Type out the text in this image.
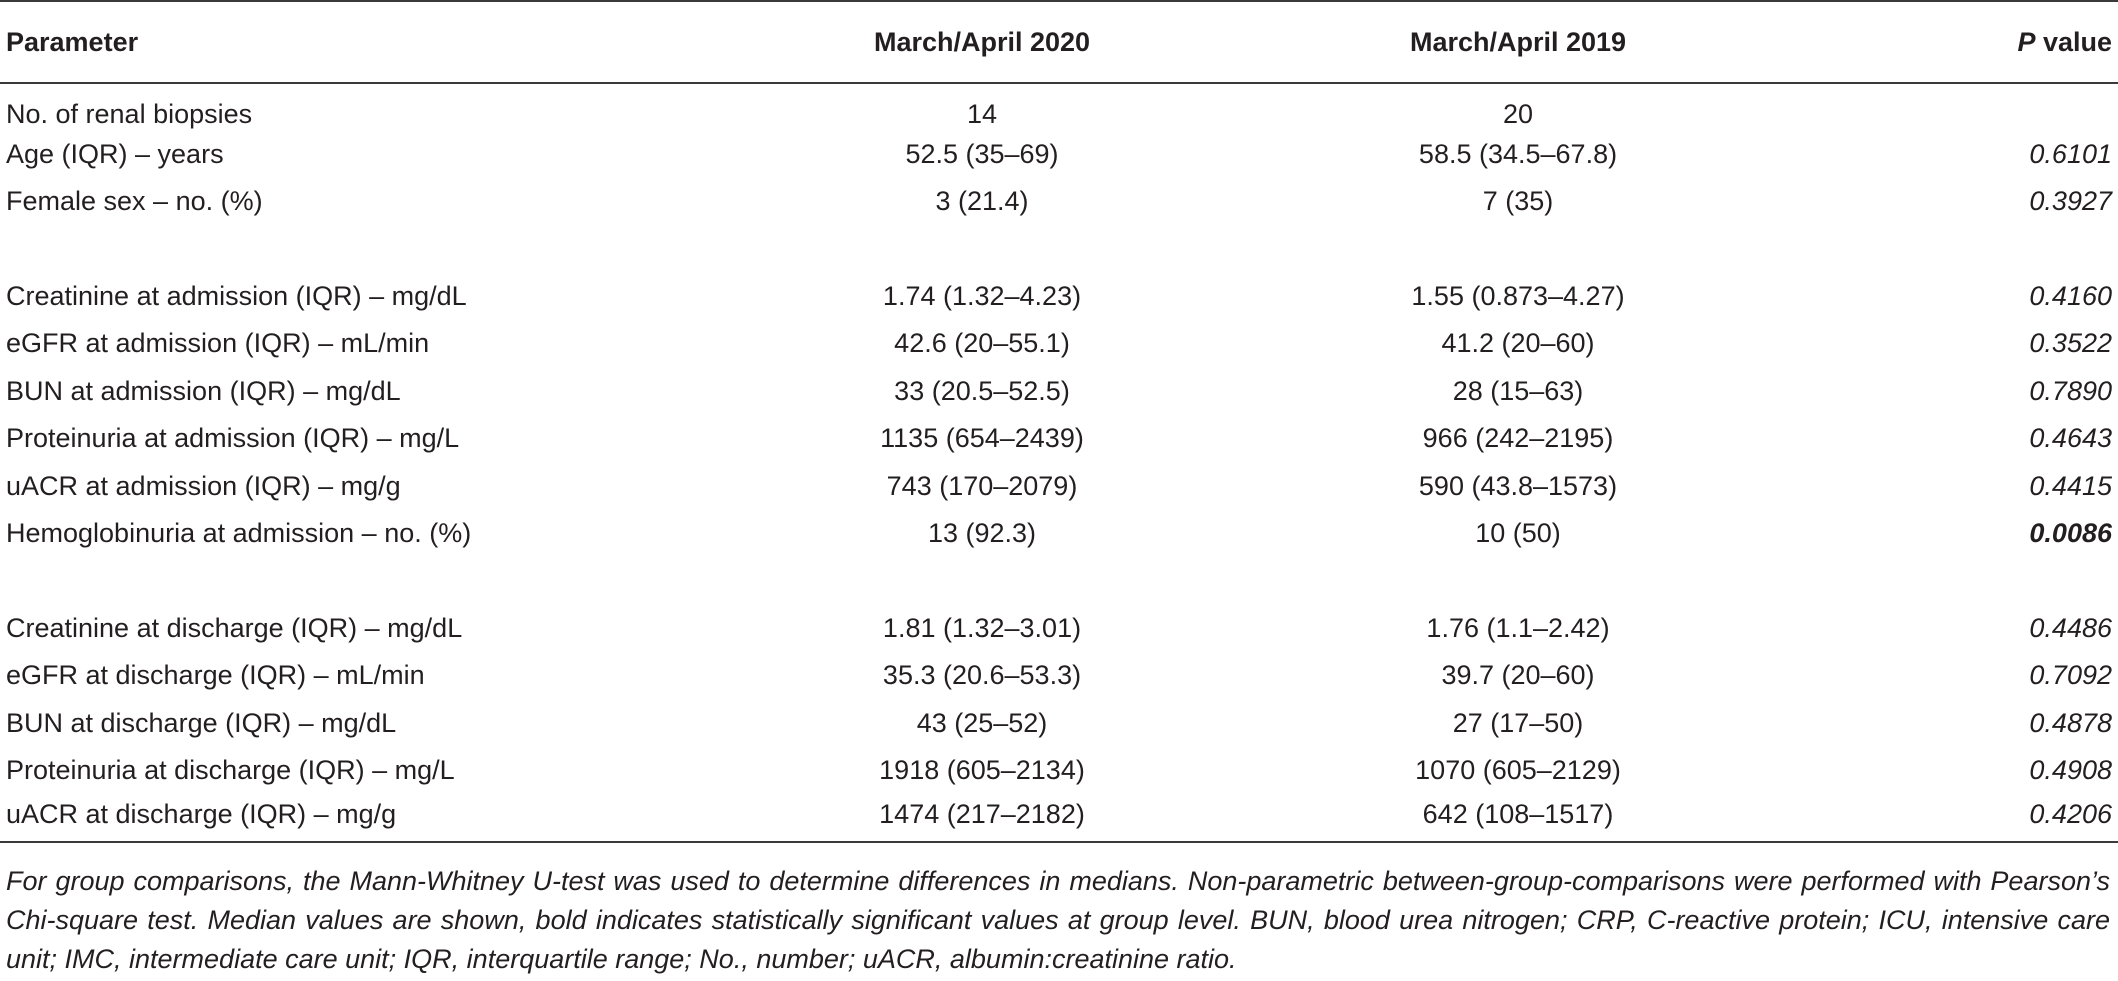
Parameter	March/April 2020	March/April 2019	P value
No. of renal biopsies	14	20	
Age (IQR) – years	52.5 (35–69)	58.5 (34.5–67.8)	0.6101
Female sex – no. (%)	3 (21.4)	7 (35)	0.3927

Creatinine at admission (IQR) – mg/dL	1.74 (1.32–4.23)	1.55 (0.873–4.27)	0.4160
eGFR at admission (IQR) – mL/min	42.6 (20–55.1)	41.2 (20–60)	0.3522
BUN at admission (IQR) – mg/dL	33 (20.5–52.5)	28 (15–63)	0.7890
Proteinuria at admission (IQR) – mg/L	1135 (654–2439)	966 (242–2195)	0.4643
uACR at admission (IQR) – mg/g	743 (170–2079)	590 (43.8–1573)	0.4415
Hemoglobinuria at admission – no. (%)	13 (92.3)	10 (50)	0.0086

Creatinine at discharge (IQR) – mg/dL	1.81 (1.32–3.01)	1.76 (1.1–2.42)	0.4486
eGFR at discharge (IQR) – mL/min	35.3 (20.6–53.3)	39.7 (20–60)	0.7092
BUN at discharge (IQR) – mg/dL	43 (25–52)	27 (17–50)	0.4878
Proteinuria at discharge (IQR) – mg/L	1918 (605–2134)	1070 (605–2129)	0.4908
uACR at discharge (IQR) – mg/g	1474 (217–2182)	642 (108–1517)	0.4206
For group comparisons, the Mann-Whitney U-test was used to determine differences in medians. Non-parametric between-group-comparisons were performed with Pearson’s Chi-square test. Median values are shown, bold indicates statistically significant values at group level. BUN, blood urea nitrogen; CRP, C-reactive protein; ICU, intensive care unit; IMC, intermediate care unit; IQR, interquartile range; No., number; uACR, albumin:creatinine ratio.
